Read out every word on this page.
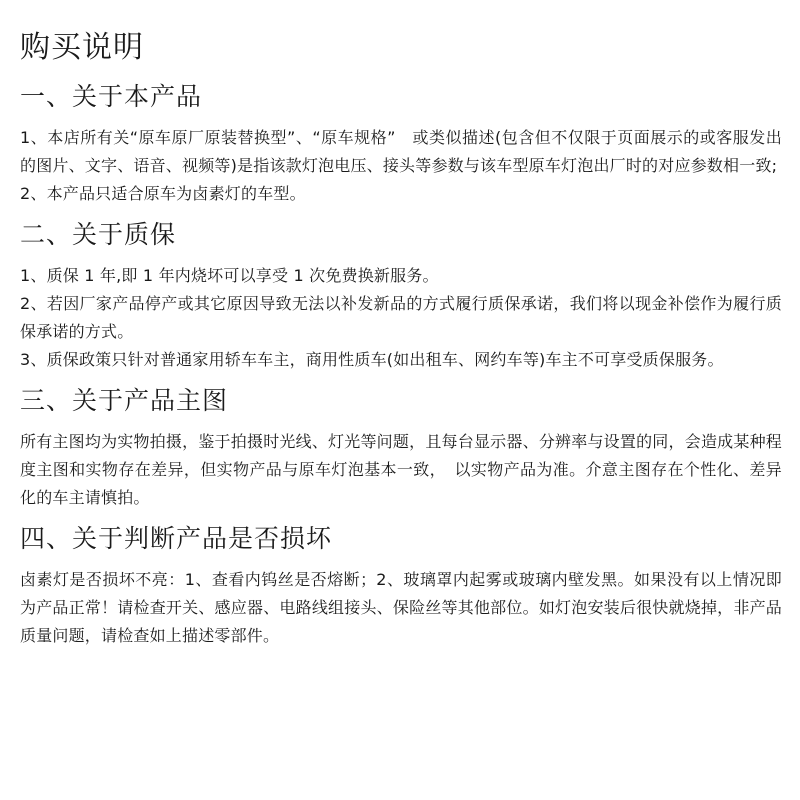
购买说明
一、关于本产品

1、本店所有关“原车原厂原装替换型”、“原车规格”　或类似描述(包含但不仅限于页面展示的或客服发出的图片、文字、语音、视频等)是指该款灯泡电压、接头等参数与该车型原车灯泡出厂时的对应参数相一致;

2、本产品只适合原车为卤素灯的车型。

二、关于质保

1、质保 1 年,即 1 年内烧坏可以享受 1 次免费换新服务。

2、若因厂家产品停产或其它原因导致无法以补发新品的方式履行质保承诺，我们将以现金补偿作为履行质保承诺的方式。

3、质保政策只针对普通家用轿车车主，商用性质车(如出租车、网约车等)车主不可享受质保服务。

三、关于产品主图

所有主图均为实物拍摄，鉴于拍摄时光线、灯光等问题，且每台显示器、分辨率与设置的同，会造成某种程度主图和实物存在差异，但实物产品与原车灯泡基本一致，　以实物产品为准。介意主图存在个性化、差异化的车主请慎拍。

四、关于判断产品是否损坏

卤素灯是否损坏不亮：1、查看内钨丝是否熔断；2、玻璃罩内起雾或玻璃内壁发黑。如果没有以上情况即为产品正常！请检查开关、感应器、电路线组接头、保险丝等其他部位。如灯泡安装后很快就烧掉，非产品质量问题，请检查如上描述零部件。
